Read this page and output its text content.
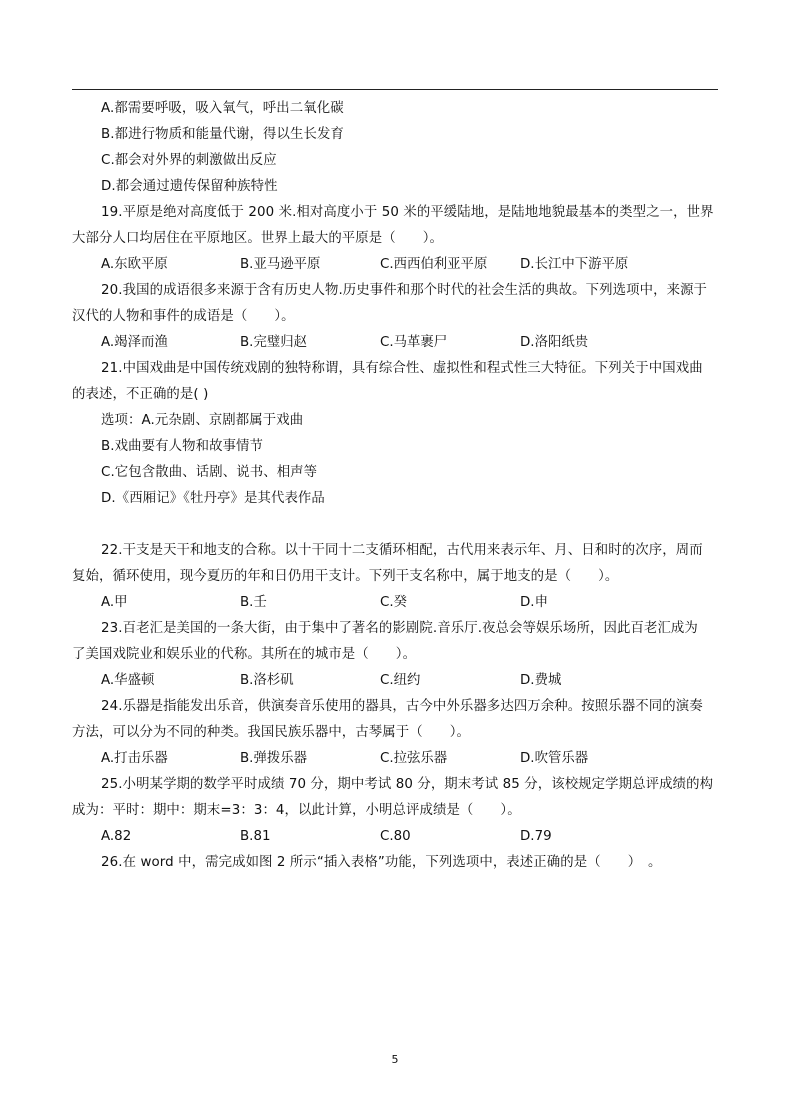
A.都需要呼吸，吸入氧气，呼出二氧化碳
B.都进行物质和能量代谢，得以生长发育
C.都会对外界的刺激做出反应
D.都会通过遗传保留种族特性
19.平原是绝对高度低于 200 米.相对高度小于 50 米的平缓陆地，是陆地地貌最基本的类型之一，世界
大部分人口均居住在平原地区。世界上最大的平原是（　　）。
A.东欧平原	B.亚马逊平原	C.西西伯利亚平原 D.长江中下游平原
20.我国的成语很多来源于含有历史人物.历史事件和那个时代的社会生活的典故。下列选项中，来源于
汉代的人物和事件的成语是（　　）。
A.竭泽而渔	B.完璧归赵	C.马革裹尸	D.洛阳纸贵
21.中国戏曲是中国传统戏剧的独特称谓，具有综合性、虚拟性和程式性三大特征。下列关于中国戏曲
的表述，不正确的是( )
选项：A.元杂剧、京剧都属于戏曲
B.戏曲要有人物和故事情节
C.它包含散曲、话剧、说书、相声等
D.《西厢记》《牡丹亭》是其代表作品
22.干支是天干和地支的合称。以十干同十二支循环相配，古代用来表示年、月、日和时的次序，周而
复始，循环使用，现今夏历的年和日仍用干支计。下列干支名称中，属于地支的是（　　）。
A.甲	B.壬	C.癸	D.申
23.百老汇是美国的一条大街，由于集中了著名的影剧院.音乐厅.夜总会等娱乐场所，因此百老汇成为
了美国戏院业和娱乐业的代称。其所在的城市是（　　）。
A.华盛顿	B.洛杉矶	C.纽约	D.费城
24.乐器是指能发出乐音，供演奏音乐使用的器具，古今中外乐器多达四万余种。按照乐器不同的演奏
方法，可以分为不同的种类。我国民族乐器中，古琴属于（　　）。
A.打击乐器	B.弹拨乐器	C.拉弦乐器	D.吹管乐器
25.小明某学期的数学平时成绩 70 分，期中考试 80 分，期末考试 85 分，该校规定学期总评成绩的构
成为：平时：期中：期末=3：3：4，以此计算，小明总评成绩是（　　）。
A.82	B.81	C.80	D.79
26.在 word 中，需完成如图 2 所示“插入表格”功能，下列选项中，表述正确的是（　　）　。
5
